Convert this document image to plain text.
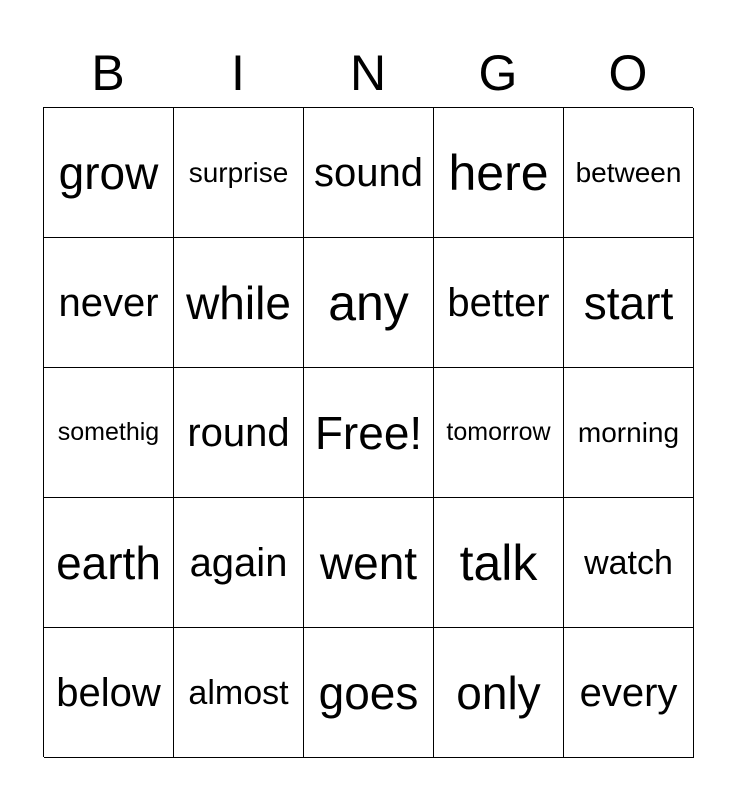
B	I	N	G	O
grow	surprise sound here between
never while any better start
somethig round Free! tomorrow morning
earth again went talk	watch
below almost goes only every
